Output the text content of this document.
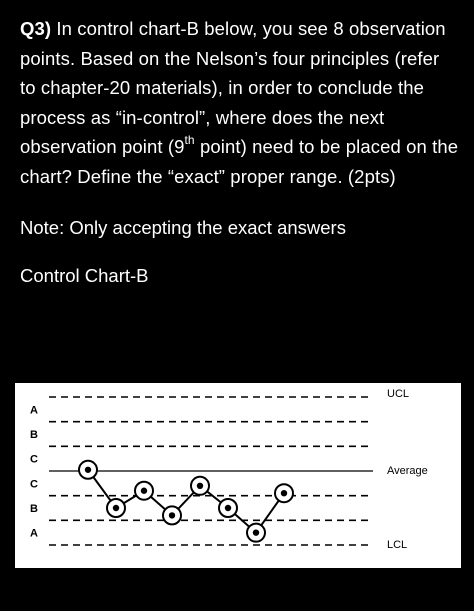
Q3) In control chart-B below, you see 8 observation points. Based on the Nelson’s four principles (refer to chapter-20 materials), in order to conclude the process as “in-control”, where does the next observation point (9th point) need to be placed on the chart? Define the “exact” proper range. (2pts)
Note: Only accepting the exact answers
Control Chart-B
A
B
C
C
B
A
UCL
Average
LCL
